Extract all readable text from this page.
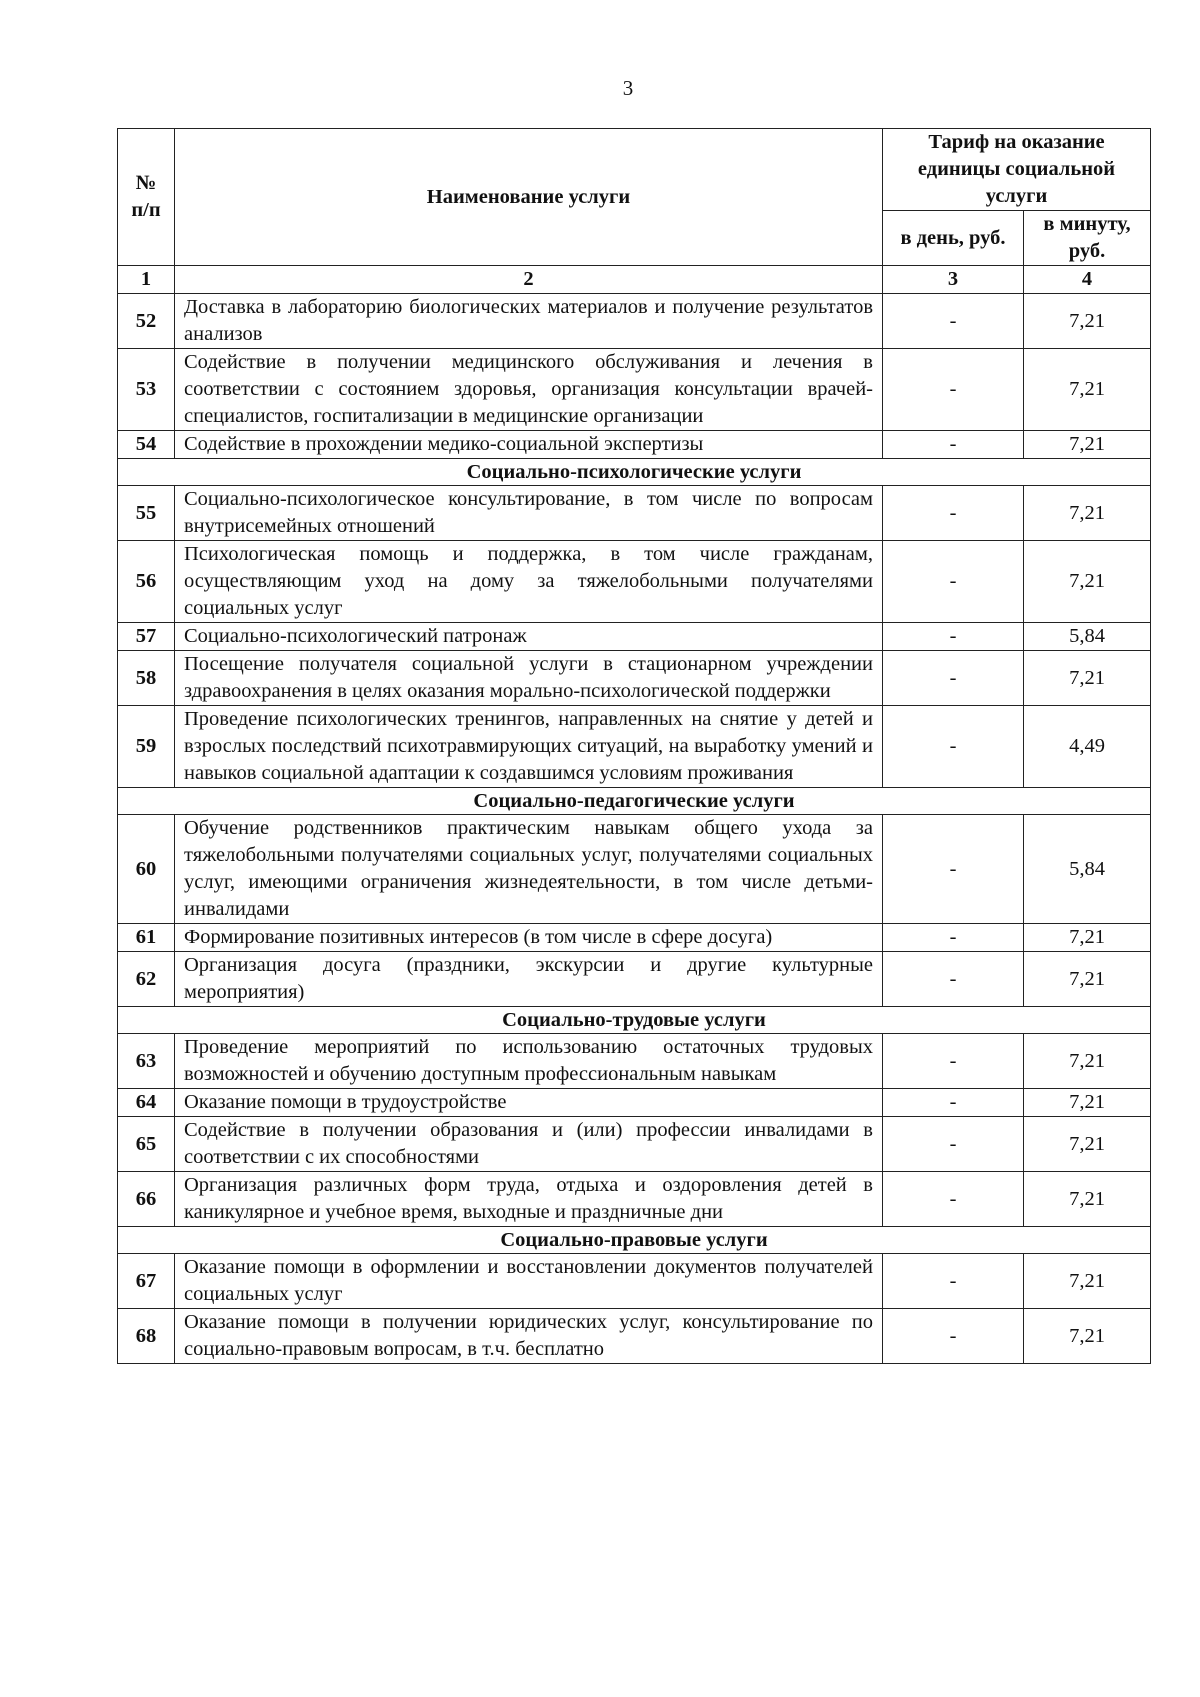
3
№ п/п	Наименование услуги	Тариф на оказание единицы социальной услуги	
		в день, руб.	в минуту, руб.
1	2	3	4
52	Доставка в лабораторию биологических материалов и получение результатов анализов	-	7,21
53	Содействие в получении медицинского обслуживания и лечения в соответствии с состоянием здоровья, организация консультации врачей-специалистов, госпитализации в медицинские организации	-	7,21
54	Содействие в прохождении медико-социальной экспертизы	-	7,21
Социально-психологические услуги			
55	Социально-психологическое консультирование, в том числе по вопросам внутрисемейных отношений	-	7,21
56	Психологическая помощь и поддержка, в том числе гражданам, осуществляющим уход на дому за тяжелобольными получателями социальных услуг	-	7,21
57	Социально-психологический патронаж	-	5,84
58	Посещение получателя социальной услуги в стационарном учреждении здравоохранения в целях оказания морально-психологической поддержки	-	7,21
59	Проведение психологических тренингов, направленных на снятие у детей и взрослых последствий психотравмирующих ситуаций, на выработку умений и навыков социальной адаптации к создавшимся условиям проживания	-	4,49
Социально-педагогические услуги			
60	Обучение родственников практическим навыкам общего ухода за тяжелобольными получателями социальных услуг, получателями социальных услуг, имеющими ограничения жизнедеятельности, в том числе детьми-инвалидами	-	5,84
61	Формирование позитивных интересов (в том числе в сфере досуга)	-	7,21
62	Организация досуга (праздники, экскурсии и другие культурные мероприятия)	-	7,21
Социально-трудовые услуги			
63	Проведение мероприятий по использованию остаточных трудовых возможностей и обучению доступным профессиональным навыкам	-	7,21
64	Оказание помощи в трудоустройстве	-	7,21
65	Содействие в получении образования и (или) профессии инвалидами в соответствии с их способностями	-	7,21
66	Организация различных форм труда, отдыха и оздоровления детей в каникулярное и учебное время, выходные и праздничные дни	-	7,21
Социально-правовые услуги			
67	Оказание помощи в оформлении и восстановлении документов получателей социальных услуг	-	7,21
68	Оказание помощи в получении юридических услуг, консультирование по социально-правовым вопросам, в т.ч. бесплатно	-	7,21
